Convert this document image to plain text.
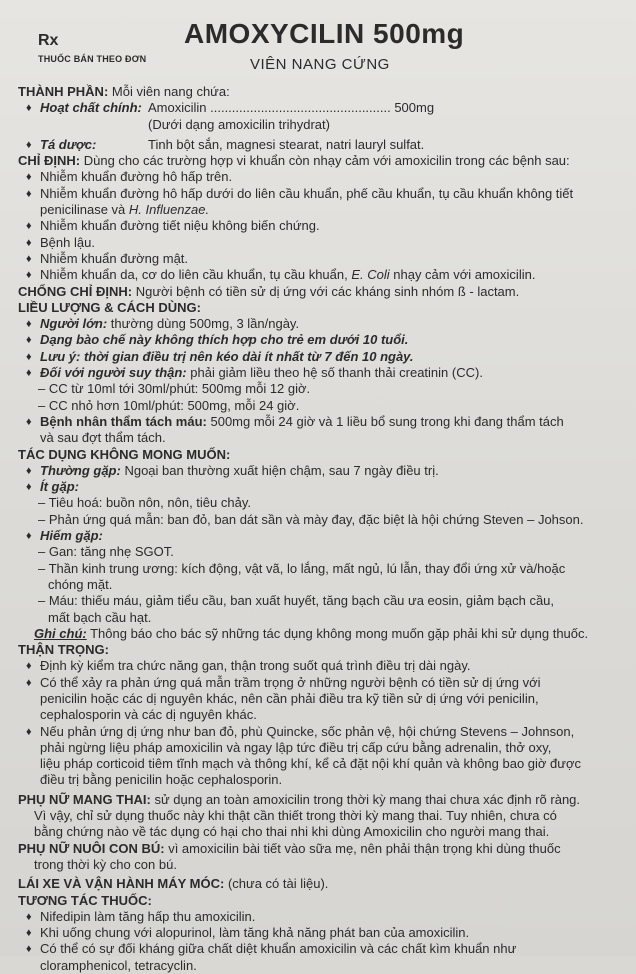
Rx
THUỐC BÁN THEO ĐƠN
AMOXYCILIN 500mg
VIÊN NANG CỨNG
THÀNH PHẦN: Mỗi viên nang chứa:
♦ Hoạt chất chính: Amoxicilin .................................................. 500mg
(Dưới dạng amoxicilin trihydrat)
♦ Tá dược:	Tinh bột sắn, magnesi stearat, natri lauryl sulfat.
CHỈ ĐỊNH: Dùng cho các trường hợp vi khuẩn còn nhạy cảm với amoxicilin trong các bệnh sau:
♦ Nhiễm khuẩn đường hô hấp trên.
♦ Nhiễm khuẩn đường hô hấp dưới do liên cầu khuẩn, phế cầu khuẩn, tụ cầu khuẩn không tiết
penicilinase và H. Influenzae.
♦ Nhiễm khuẩn đường tiết niệu không biến chứng.
♦ Bệnh lậu.
♦ Nhiễm khuẩn đường mật.
♦ Nhiễm khuẩn da, cơ do liên cầu khuẩn, tụ cầu khuẩn, E. Coli nhạy cảm với amoxicilin.
CHỐNG CHỈ ĐỊNH: Người bệnh có tiền sử dị ứng với các kháng sinh nhóm ß - lactam.
LIỀU LƯỢNG & CÁCH DÙNG:
♦ Người lớn: thường dùng 500mg, 3 lần/ngày.
♦ Dạng bào chế này không thích hợp cho trẻ em dưới 10 tuổi.
♦ Lưu ý: thời gian điều trị nên kéo dài ít nhất từ 7 đến 10 ngày.
♦ Đối với người suy thận: phải giảm liều theo hệ số thanh thải creatinin (CC).
– CC từ 10ml tới 30ml/phút: 500mg mỗi 12 giờ.
– CC nhỏ hơn 10ml/phút: 500mg, mỗi 24 giờ.
♦ Bệnh nhân thẩm tách máu: 500mg mỗi 24 giờ và 1 liều bổ sung trong khi đang thẩm tách
và sau đợt thẩm tách.
TÁC DỤNG KHÔNG MONG MUỐN:
♦ Thường gặp: Ngoại ban thường xuất hiện chậm, sau 7 ngày điều trị.
♦ Ít gặp:
– Tiêu hoá: buồn nôn, nôn, tiêu chảy.
– Phản ứng quá mẫn: ban đỏ, ban dát sần và mày đay, đặc biệt là hội chứng Steven – Johson.
♦ Hiếm gặp:
– Gan: tăng nhẹ SGOT.
– Thần kinh trung ương: kích động, vật vã, lo lắng, mất ngủ, lú lẫn, thay đổi ứng xử và/hoặc
chóng mặt.
– Máu: thiếu máu, giảm tiểu cầu, ban xuất huyết, tăng bạch cầu ưa eosin, giảm bạch cầu,
mất bạch cầu hạt.
Ghi chú: Thông báo cho bác sỹ những tác dụng không mong muốn gặp phải khi sử dụng thuốc.
THẬN TRỌNG:
♦ Định kỳ kiểm tra chức năng gan, thận trong suốt quá trình điều trị dài ngày.
♦ Có thể xảy ra phản ứng quá mẫn trầm trọng ở những người bệnh có tiền sử dị ứng với
penicilin hoặc các dị nguyên khác, nên cần phải điều tra kỹ tiền sử dị ứng với penicilin,
cephalosporin và các dị nguyên khác.
♦ Nếu phản ứng dị ứng như ban đỏ, phù Quincke, sốc phản vệ, hội chứng Stevens – Johnson,
phải ngừng liệu pháp amoxicilin và ngay lập tức điều trị cấp cứu bằng adrenalin, thở oxy,
liệu pháp corticoid tiêm tĩnh mạch và thông khí, kể cả đặt nội khí quản và không bao giờ được
điều trị bằng penicilin hoặc cephalosporin.
PHỤ NỮ MANG THAI: sử dụng an toàn amoxicilin trong thời kỳ mang thai chưa xác định rõ ràng.
Vì vậy, chỉ sử dụng thuốc này khi thật cần thiết trong thời kỳ mang thai. Tuy nhiên, chưa có
bằng chứng nào về tác dụng có hại cho thai nhi khi dùng Amoxicilin cho người mang thai.
PHỤ NỮ NUÔI CON BÚ: vì amoxicilin bài tiết vào sữa mẹ, nên phải thận trọng khi dùng thuốc
trong thời kỳ cho con bú.
LÁI XE VÀ VẬN HÀNH MÁY MÓC: (chưa có tài liệu).
TƯƠNG TÁC THUỐC:
♦ Nifedipin làm tăng hấp thu amoxicilin.
♦ Khi uống chung với alopurinol, làm tăng khả năng phát ban của amoxicilin.
♦ Có thể có sự đối kháng giữa chất diệt khuẩn amoxicilin và các chất kìm khuẩn như
cloramphenicol, tetracyclin.
